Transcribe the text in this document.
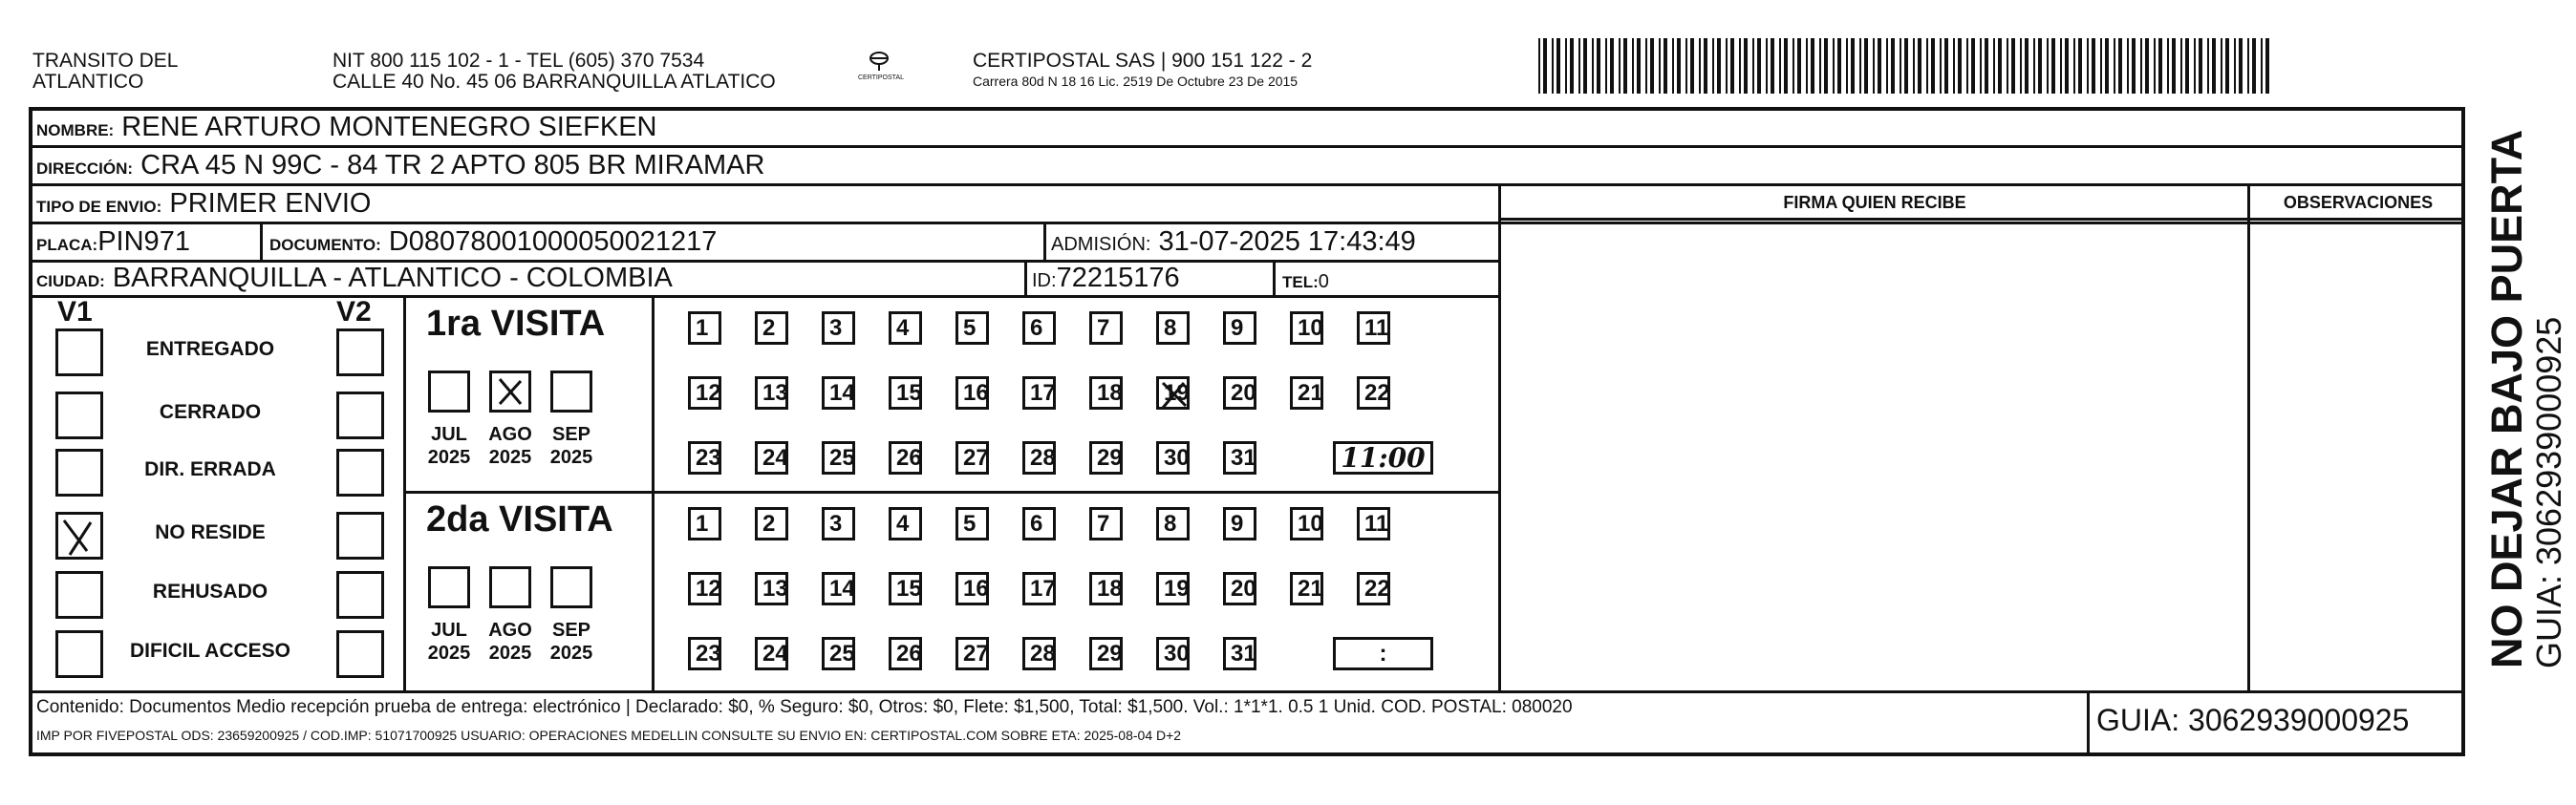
TRANSITO DEL
ATLANTICO
NIT 800 115 102 - 1 - TEL (605) 370 7534
CALLE 40 No. 45 06 BARRANQUILLA ATLATICO	CERTIPOSTAL
CERTIPOSTAL SAS | 900 151 122 - 2
Carrera 80d N 18 16 Lic. 2519 De Octubre 23 De 2015
NOMBRE: RENE ARTURO MONTENEGRO SIEFKEN
DIRECCIÓN: CRA 45 N 99C - 84 TR 2 APTO 805 BR MIRAMAR
TIPO DE ENVIO: PRIMER ENVIO
PLACA:PIN971	DOCUMENTO: D08078001000050021217	ADMISIÓN: 31-07-2025 17:43:49
CIUDAD: BARRANQUILLA - ATLANTICO - COLOMBIA	ID:72215176	TEL:0
FIRMA QUIEN RECIBE	OBSERVACIONES
V1	V2
ENTREGADO
CERRADO
DIR. ERRADA
NO RESIDE
REHUSADO
DIFICIL ACCESO
1ra VISITA
JUL
2025
AGO
2025
SEP
2025
1	2	3	4	5	6	7	8	9	10	11
12	13	14	15	16	17	18	19	20	21	22
23	24	25	26	27	28	29	30	31	11:00
2da VISITA
JUL
2025
AGO
2025
SEP
2025
1	2	3	4	5	6	7	8	9	10	11
12	13	14	15	16	17	18	19	20	21	22
23	24	25	26	27	28	29	30	31	:
Contenido: Documentos Medio recepción prueba de entrega: electrónico | Declarado: $0, % Seguro: $0, Otros: $0, Flete: $1,500, Total: $1,500. Vol.: 1*1*1. 0.5 1 Unid. COD. POSTAL: 080020
IMP POR FIVEPOSTAL ODS: 23659200925 / COD.IMP: 51071700925 USUARIO: OPERACIONES MEDELLIN CONSULTE SU ENVIO EN: CERTIPOSTAL.COM SOBRE ETA: 2025-08-04 D+2	GUIA: 3062939000925
NO DEJAR BAJO PUERTA
GUIA: 3062939000925
